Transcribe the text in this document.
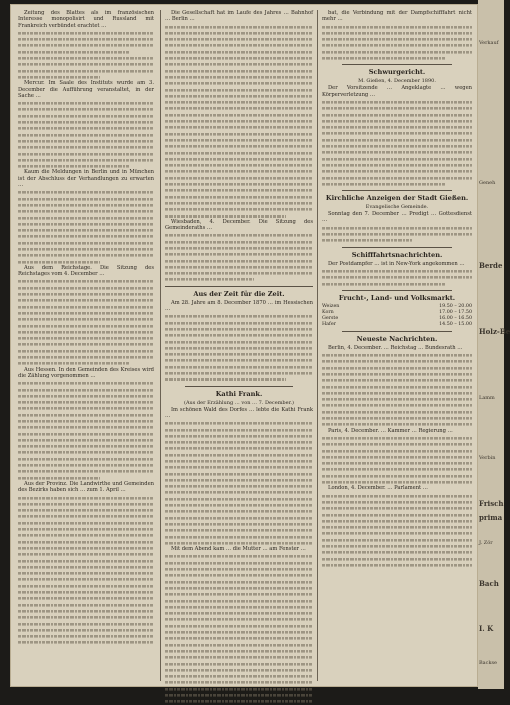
Zeitung des Blattes als im französischen Interesse monopolisirt und Russland mit Frankreich verbündet erachtet …

Mercur. Im Saale des Instituts wurde am 3. December die Aufführung veranstaltet, in der Sache …

Kaum die Meldungen in Berlin und in München ist der Abschluss der Verhandlungen zu erwarten …

Aus dem Reichstage. Die Sitzung des Reichstages vom 4. December …

Aus Hessen. In den Gemeinden des Kreises wird die Zählung vorgenommen …

Aus der Provinz. Die Landwirthe und Gemeinden des Bezirks haben sich … zum 1. April …

Die Gesellschaft hat im Laufe des Jahres … Bahnhof … Berlin …

Wiesbaden, 4. December. Die Sitzung des Gemeinderaths …

Aus der Zeit für die Zeit.

Am 28. Jahre am 8. December 1870 … im Hessischen …

Kathi Frank.
(Aus der Erzählung … von … 7. December.)

Im schönen Wald des Dorfes … lebte die Kathi Frank …

Mit dem Abend kam … die Mutter … am Fenster …

bat, die Verbindung mit der Dampfschifffahrt nicht mehr …

Schwurgericht.
M. Gießen, 4. December 1890.

Der Vorsitzende … Angeklagte … wegen Körperverletzung …

Kirchliche Anzeigen der Stadt Gießen.
Evangelische Gemeinde.

Sonntag den 7. December … Predigt … Gottesdienst …

Schifffahrtsnachrichten.

Der Postdampfer … ist in New-York angekommen …

Frucht-, Land- und Volksmarkt.
Weizen	19.50 – 20.00
Korn	17.00 – 17.50
Gerste	16.00 – 16.50
Hafer	14.50 – 15.00
Neueste Nachrichten.

Berlin, 4. December. … Reichstag … Bundesrath …

Paris, 4. December. … Kammer … Regierung …

London, 4. December. … Parlament …

Verkauf
Geneh
Berde
Holz-Be
Lamm
Verbin
Frisch
prima
J. Zör
Bach
I. K
Backse
